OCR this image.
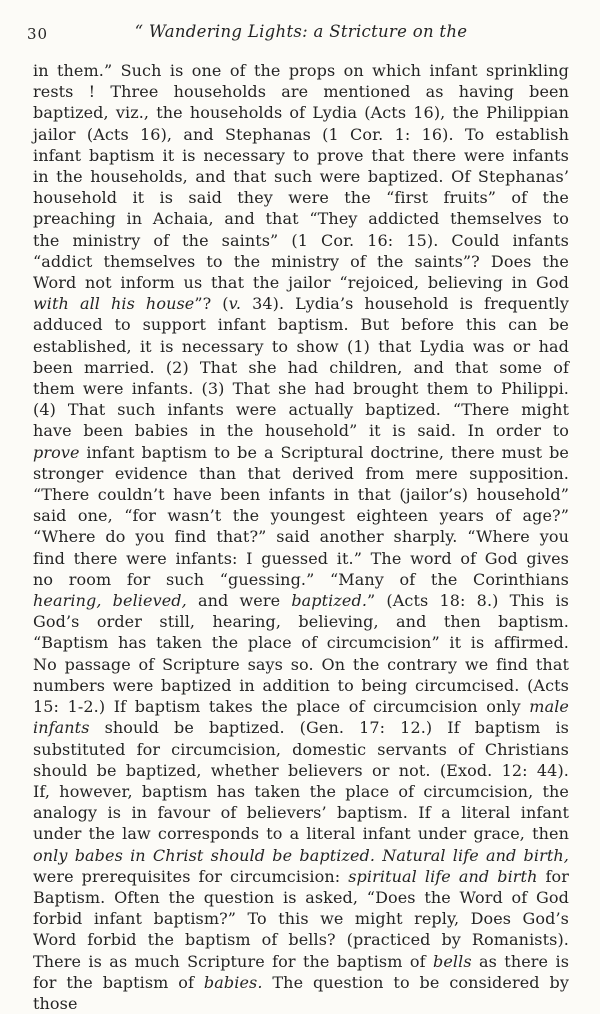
30	“ Wandering Lights: a Stricture on the

in them.” Such is one of the props on which infant sprinkling rests ! Three households are mentioned as having been baptized, viz., the households of Lydia (Acts 16), the Philippian jailor (Acts 16), and Stephanas (1 Cor. 1: 16). To establish infant baptism it is necessary to prove that there were infants in the households, and that such were baptized. Of Stephanas’ household it is said they were the “first fruits” of the preaching in Achaia, and that “They addicted themselves to the ministry of the saints” (1 Cor. 16: 15). Could infants “addict themselves to the ministry of the saints”? Does the Word not inform us that the jailor “rejoiced, believing in God with all his house”? (v. 34). Lydia’s household is frequently adduced to support infant baptism. But before this can be established, it is necessary to show (1) that Lydia was or had been married. (2) That she had children, and that some of them were infants. (3) That she had brought them to Philippi. (4) That such infants were actually baptized. “There might have been babies in the household” it is said. In order to prove infant baptism to be a Scriptural doctrine, there must be stronger evidence than that derived from mere supposition. “There couldn’t have been infants in that (jailor’s) household” said one, “for wasn’t the youngest eighteen years of age?” “Where do you find that?” said another sharply. “Where you find there were infants: I guessed it.” The word of God gives no room for such “guessing.” “Many of the Corinthians hearing, believed, and were baptized.” (Acts 18: 8.) This is God’s order still, hearing, believing, and then baptism. “Baptism has taken the place of circumcision” it is affirmed. No passage of Scripture says so. On the contrary we find that numbers were baptized in addition to being circumcised. (Acts 15: 1-2.) If baptism takes the place of circumcision only male infants should be baptized. (Gen. 17: 12.) If baptism is substituted for circumcision, domestic servants of Christians should be baptized, whether believers or not. (Exod. 12: 44). If, however, baptism has taken the place of circumcision, the analogy is in favour of believers’ baptism. If a literal infant under the law corresponds to a literal infant under grace, then only babes in Christ should be baptized. Natural life and birth, were prerequisites for circumcision: spiritual life and birth for Baptism. Often the question is asked, “Does the Word of God forbid infant baptism?” To this we might reply, Does God’s Word forbid the baptism of bells? (practiced by Romanists). There is as much Scripture for the baptism of bells as there is for the baptism of babies. The question to be considered by those
